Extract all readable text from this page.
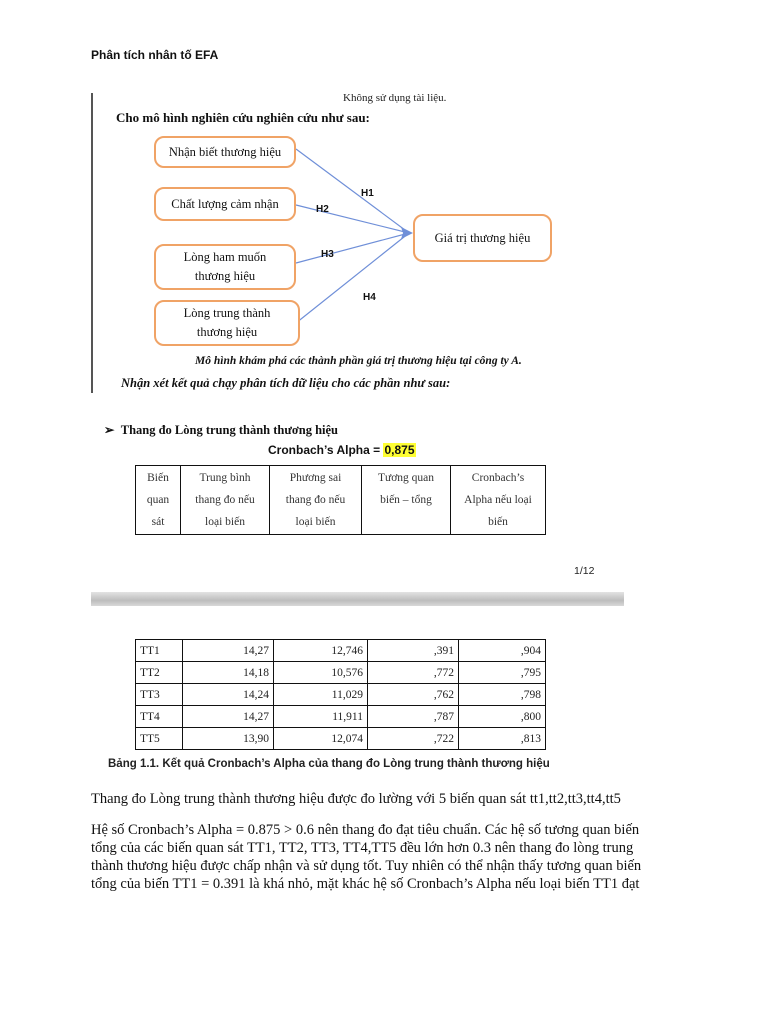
Phân tích nhân tố EFA
Không sử dụng tài liệu.
Cho mô hình nghiên cứu nghiên cứu như sau:
H1
H2
H3
H4
Nhận biết thương hiệu
Chất lượng cảm nhận
Lòng ham muốn thương hiệu
Lòng trung thành thương hiệu
Giá trị thương hiệu
Mô hình khám phá các thành phần giá trị thương hiệu tại công ty A.
Nhận xét kết quả chạy phân tích dữ liệu cho các phần như sau:
➢ Thang đo Lòng trung thành thương hiệu
Cronbach’s Alpha = 0,875
Biến
quan
sát	Trung bình
thang đo nếu
loại biến	Phương sai
thang đo nếu
loại biến	Tương quan
biến – tổng	Cronbach’s
Alpha nếu loại
biến
1/12
TT1	14,27	12,746	,391	,904
TT2	14,18	10,576	,772	,795
TT3	14,24	11,029	,762	,798
TT4	14,27	11,911	,787	,800
TT5	13,90	12,074	,722	,813
Bảng 1.1. Kết quả Cronbach’s Alpha của thang đo Lòng trung thành thương hiệu
Thang đo Lòng trung thành thương hiệu được đo lường với 5 biến quan sát tt1,tt2,tt3,tt4,tt5
Hệ số Cronbach’s Alpha = 0.875 > 0.6 nên thang đo đạt tiêu chuẩn. Các hệ số tương quan biến
tổng của các biến quan sát TT1, TT2, TT3, TT4,TT5 đều lớn hơn 0.3 nên thang đo lòng trung
thành thương hiệu được chấp nhận và sử dụng tốt. Tuy nhiên có thể nhận thấy tương quan biến
tổng của biến TT1 = 0.391 là khá nhỏ, mặt khác hệ số Cronbach’s Alpha nếu loại biến TT1 đạt
